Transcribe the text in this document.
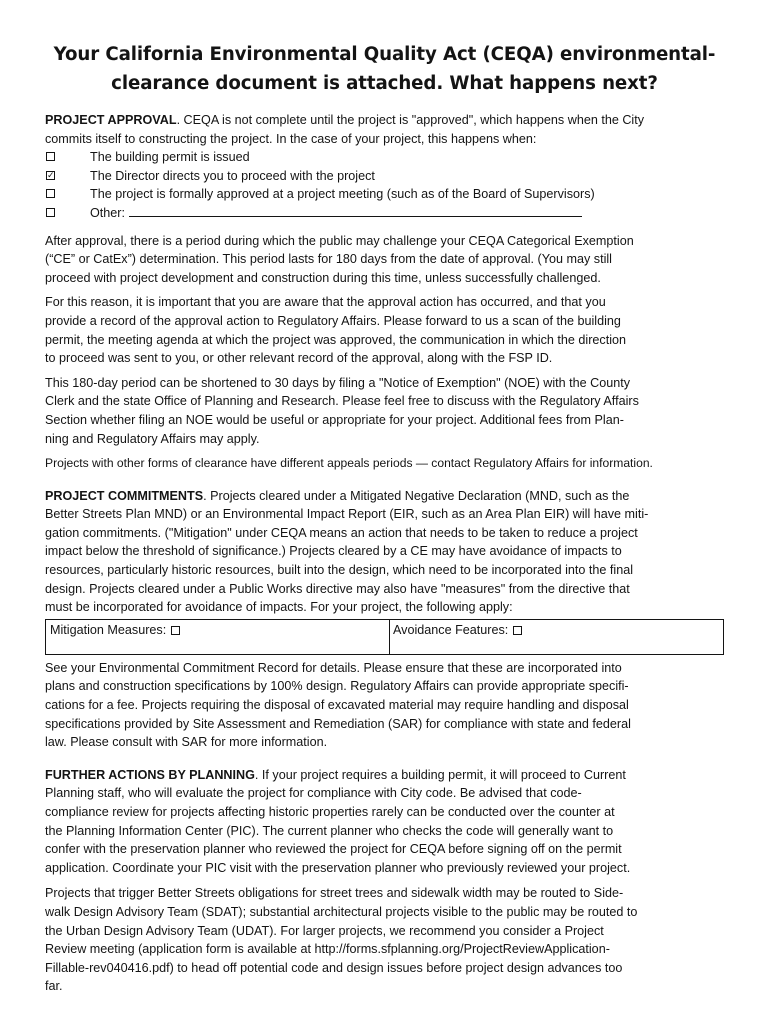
Your California Environmental Quality Act (CEQA) environmental-
clearance document is attached. What happens next?

PROJECT APPROVAL. CEQA is not complete until the project is "approved", which happens when the City
commits itself to constructing the project. In the case of your project, this happens when:

The building permit is issued
✓	The Director directs you to proceed with the project
The project is formally approved at a project meeting (such as of the Board of Supervisors)
Other:

After approval, there is a period during which the public may challenge your CEQA Categorical Exemption
(“CE” or CatEx”) determination. This period lasts for 180 days from the date of approval. (You may still
proceed with project development and construction during this time, unless successfully challenged.

For this reason, it is important that you are aware that the approval action has occurred, and that you
provide a record of the approval action to Regulatory Affairs. Please forward to us a scan of the building
permit, the meeting agenda at which the project was approved, the communication in which the direction
to proceed was sent to you, or other relevant record of the approval, along with the FSP ID.

This 180-day period can be shortened to 30 days by filing a "Notice of Exemption" (NOE) with the County
Clerk and the state Office of Planning and Research. Please feel free to discuss with the Regulatory Affairs
Section whether filing an NOE would be useful or appropriate for your project. Additional fees from Plan-
ning and Regulatory Affairs may apply.

Projects with other forms of clearance have different appeals periods — contact Regulatory Affairs for information.

PROJECT COMMITMENTS. Projects cleared under a Mitigated Negative Declaration (MND, such as the
Better Streets Plan MND) or an Environmental Impact Report (EIR, such as an Area Plan EIR) will have miti-
gation commitments. ("Mitigation" under CEQA means an action that needs to be taken to reduce a project
impact below the threshold of significance.) Projects cleared by a CE may have avoidance of impacts to
resources, particularly historic resources, built into the design, which need to be incorporated into the final
design. Projects cleared under a Public Works directive may also have "measures" from the directive that
must be incorporated for avoidance of impacts. For your project, the following apply:

Mitigation Measures:	Avoidance Features:

See your Environmental Commitment Record for details. Please ensure that these are incorporated into
plans and construction specifications by 100% design. Regulatory Affairs can provide appropriate specifi-
cations for a fee. Projects requiring the disposal of excavated material may require handling and disposal
specifications provided by Site Assessment and Remediation (SAR) for compliance with state and federal
law. Please consult with SAR for more information.

FURTHER ACTIONS BY PLANNING. If your project requires a building permit, it will proceed to Current
Planning staff, who will evaluate the project for compliance with City code. Be advised that code-
compliance review for projects affecting historic properties rarely can be conducted over the counter at
the Planning Information Center (PIC). The current planner who checks the code will generally want to
confer with the preservation planner who reviewed the project for CEQA before signing off on the permit
application. Coordinate your PIC visit with the preservation planner who previously reviewed your project.

Projects that trigger Better Streets obligations for street trees and sidewalk width may be routed to Side-
walk Design Advisory Team (SDAT); substantial architectural projects visible to the public may be routed to
the Urban Design Advisory Team (UDAT). For larger projects, we recommend you consider a Project
Review meeting (application form is available at http://forms.sfplanning.org/ProjectReviewApplication-
Fillable-rev040416.pdf) to head off potential code and design issues before project design advances too
far.
